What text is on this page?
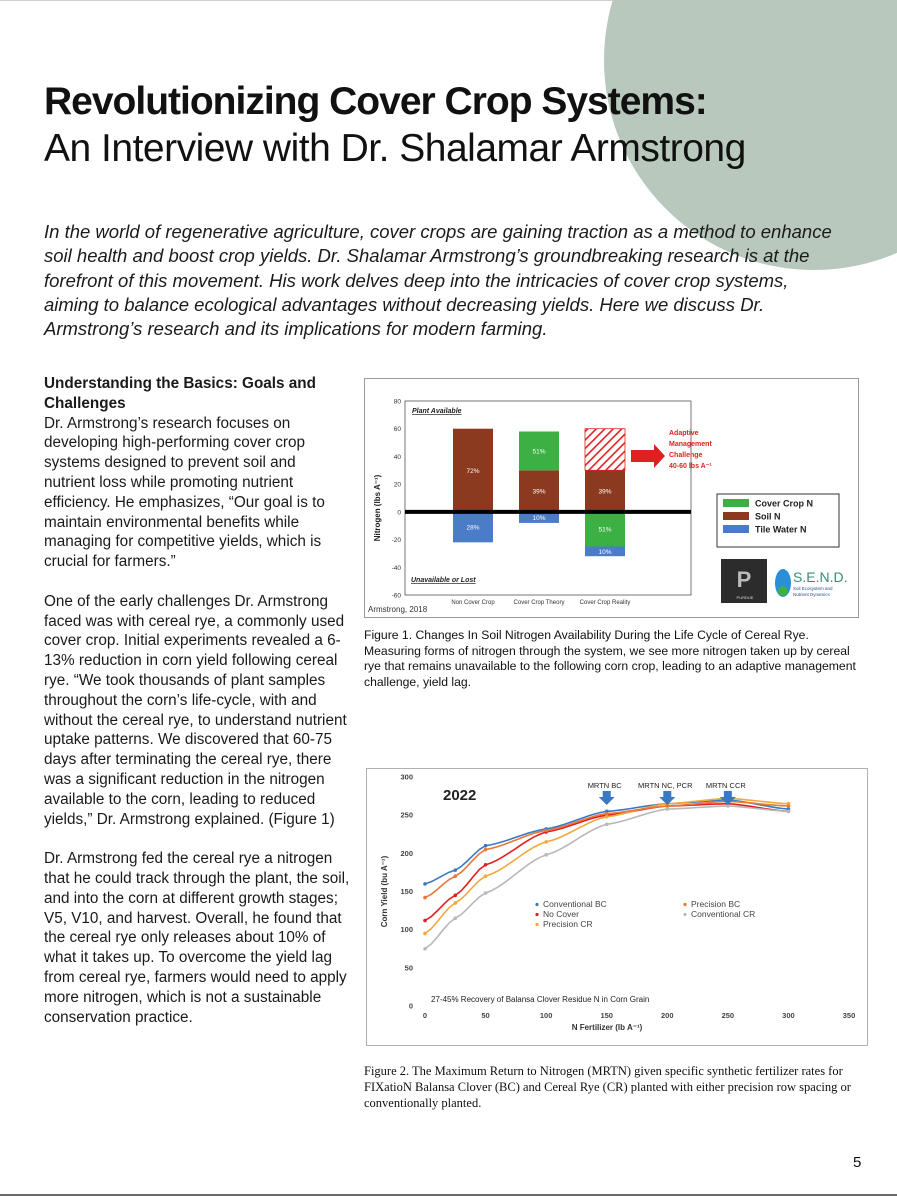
Revolutionizing Cover Crop Systems:
An Interview with Dr. Shalamar Armstrong
In the world of regenerative agriculture, cover crops are gaining traction as a method to enhance soil health and boost crop yields. Dr. Shalamar Armstrong’s groundbreaking research is at the forefront of this movement. His work delves deep into the intricacies of cover crop systems, aiming to balance ecological advantages without decreasing yields. Here we discuss Dr. Armstrong’s research and its implications for modern farming.

Understanding the Basics: Goals and Challenges
Dr. Armstrong’s research focuses on developing high-performing cover crop systems designed to prevent soil and nutrient loss while promoting nutrient efficiency. He emphasizes, “Our goal is to maintain environmental benefits while managing for competitive yields, which is crucial for farmers.”

One of the early challenges Dr. Armstrong faced was with cereal rye, a commonly used cover crop. Initial experiments revealed a 6-13% reduction in corn yield following cereal rye. “We took thousands of plant samples throughout the corn’s life-cycle, with and without the cereal rye, to understand nutrient uptake patterns. We discovered that 60-75 days after terminating the cereal rye, there was a significant reduction in the nitrogen available to the corn, leading to reduced yields,” Dr. Armstrong explained. (Figure 1)

Dr. Armstrong fed the cereal rye a nitrogen that he could track through the plant, the soil, and into the corn at different growth stages; V5, V10, and harvest. Overall, he found that the cereal rye only releases about 10% of what it takes up. To overcome the yield lag from cereal rye, farmers would need to apply more nitrogen, which is not a sustainable conservation practice.

80
60
40
20
0
-20
-40
-60
72%
28%
39%
51%
10%
39%
51%
10%
Non Cover Crop	Cover Crop Theory	Cover Crop Reality
Nitrogen (lbs A⁻¹)
Plant Available
Unavailable or Lost
Adaptive
Management
Challenge
40-60 lbs A⁻¹
Cover Crop N
Soil N
Tile Water N
P
PURDUE
S.E.N.D.
Soil Ecosystem and
Nutrient Dynamics
Armstrong, 2018
Figure 1. Changes In Soil Nitrogen Availability During the Life Cycle of Cereal Rye. Measuring forms of nitrogen through the system, we see more nitrogen taken up by cereal rye that remains unavailable to the following corn crop, leading to an adaptive management challenge, yield lag.
0
50
100
150
200
250
300
0	50	100	150	200	250	300	350
MRTN BC MRTN NC, PCR MRTN CCR
Conventional BC
No Cover
Precision CR
Precision BC
Conventional CR
2022
27-45% Recovery of Balansa Clover Residue N in Corn Grain
N Fertilizer (lb A⁻¹)
Corn Yield (bu A⁻¹)
Figure 2. The Maximum Return to Nitrogen (MRTN) given specific synthetic fertilizer rates for FIXatioN Balansa Clover (BC) and Cereal Rye (CR) planted with either precision row spacing or conventionally planted.
5
